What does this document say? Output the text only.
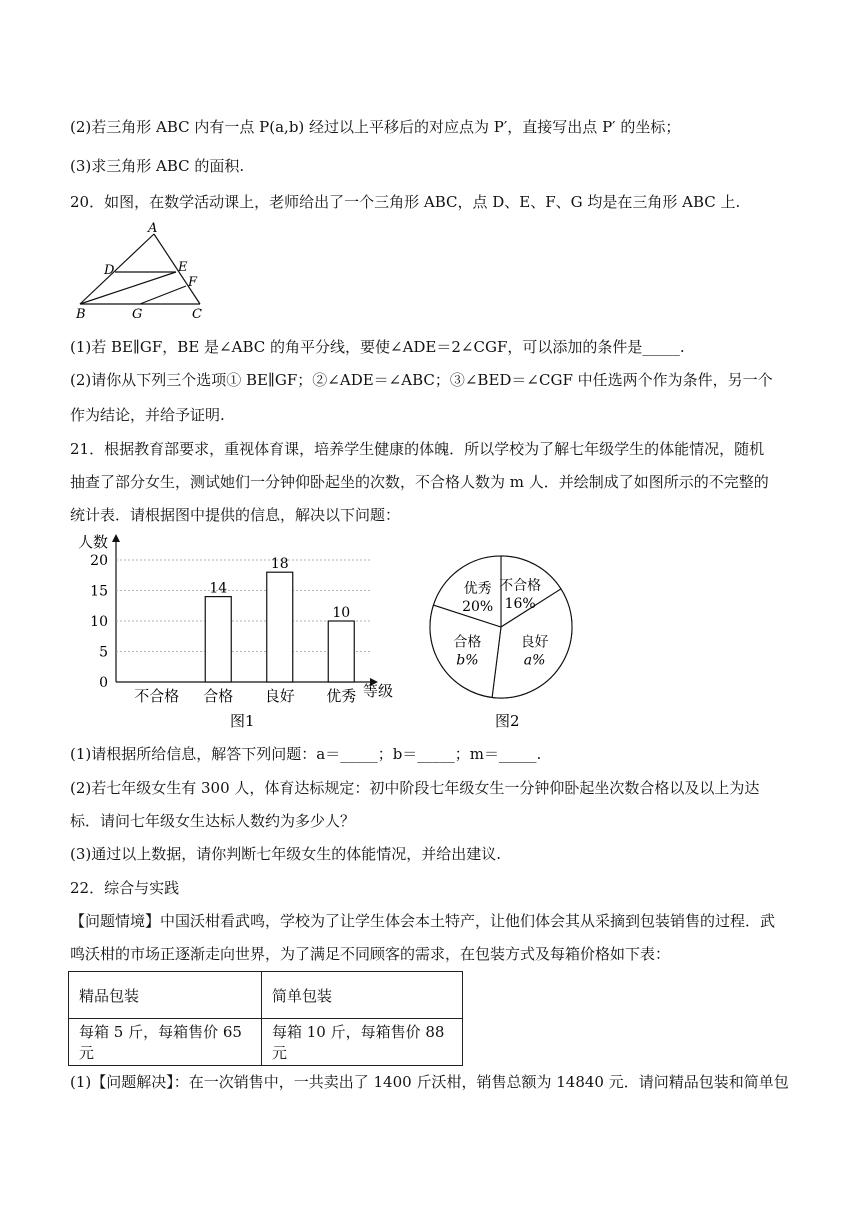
(2)若三角形 ABC 内有一点 P(a,b) 经过以上平移后的对应点为 P′，直接写出点 P′ 的坐标；
(3)求三角形 ABC 的面积.
20．如图，在数学活动课上，老师给出了一个三角形 ABC，点 D、E、F、G 均是在三角形 ABC 上.
A
D	E
F
B	G	C
(1)若 BE∥GF，BE 是∠ABC 的角平分线，要使∠ADE＝2∠CGF，可以添加的条件是_____.
(2)请你从下列三个选项① BE∥GF；②∠ADE＝∠ABC；③∠BED＝∠CGF 中任选两个作为条件，另一个
作为结论，并给予证明.
21．根据教育部要求，重视体育课，培养学生健康的体魄．所以学校为了解七年级学生的体能情况，随机
抽查了部分女生，测试她们一分钟仰卧起坐的次数，不合格人数为 m 人．并绘制成了如图所示的不完整的
统计表．请根据图中提供的信息，解决以下问题：
14
18
10
0
5
10
15
20
不合格 合格 良好 优秀
人数
等级
图1
不合格
16%
良好
a%
合格
b%
优秀
20%
图2
(1)请根据所给信息，解答下列问题：a＝_____；b＝_____；m＝_____.
(2)若七年级女生有 300 人，体育达标规定：初中阶段七年级女生一分钟仰卧起坐次数合格以及以上为达
标．请问七年级女生达标人数约为多少人？
(3)通过以上数据，请你判断七年级女生的体能情况，并给出建议.
22．综合与实践
【问题情境】中国沃柑看武鸣，学校为了让学生体会本土特产，让他们体会其从采摘到包装销售的过程．武
鸣沃柑的市场正逐渐走向世界，为了满足不同顾客的需求，在包装方式及每箱价格如下表：
精品包装	简单包装
每箱 5 斤，每箱售价 65 元	每箱 10 斤，每箱售价 88 元
(1)【问题解决】：在一次销售中，一共卖出了 1400 斤沃柑，销售总额为 14840 元．请问精品包装和简单包
